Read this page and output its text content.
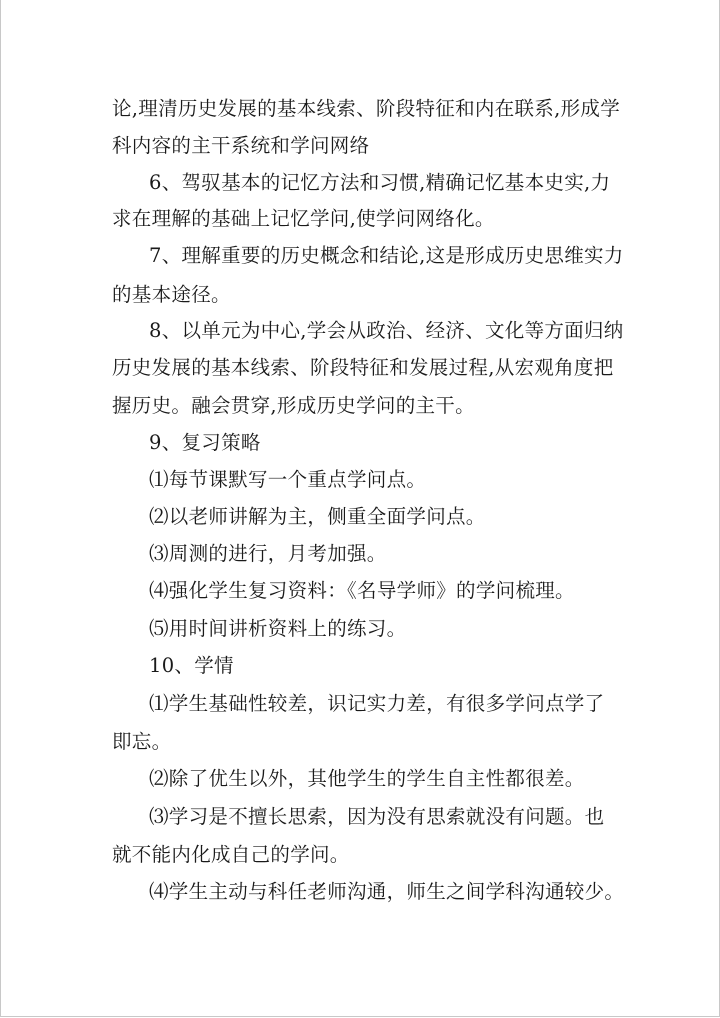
论,理清历史发展的基本线索、阶段特征和内在联系,形成学
科内容的主干系统和学问网络
6、驾驭基本的记忆方法和习惯,精确记忆基本史实,力
求在理解的基础上记忆学问,使学问网络化。
7、理解重要的历史概念和结论,这是形成历史思维实力
的基本途径。
8、以单元为中心,学会从政治、经济、文化等方面归纳
历史发展的基本线索、阶段特征和发展过程,从宏观角度把
握历史。融会贯穿,形成历史学问的主干。
9、复习策略
⑴每节课默写一个重点学问点。
⑵以老师讲解为主，侧重全面学问点。
⑶周测的进行，月考加强。
⑷强化学生复习资料：《名导学师》的学问梳理。
⑸用时间讲析资料上的练习。
10、学情
⑴学生基础性较差，识记实力差，有很多学问点学了
即忘。
⑵除了优生以外，其他学生的学生自主性都很差。
⑶学习是不擅长思索，因为没有思索就没有问题。也
就不能内化成自己的学问。
⑷学生主动与科任老师沟通，师生之间学科沟通较少。
